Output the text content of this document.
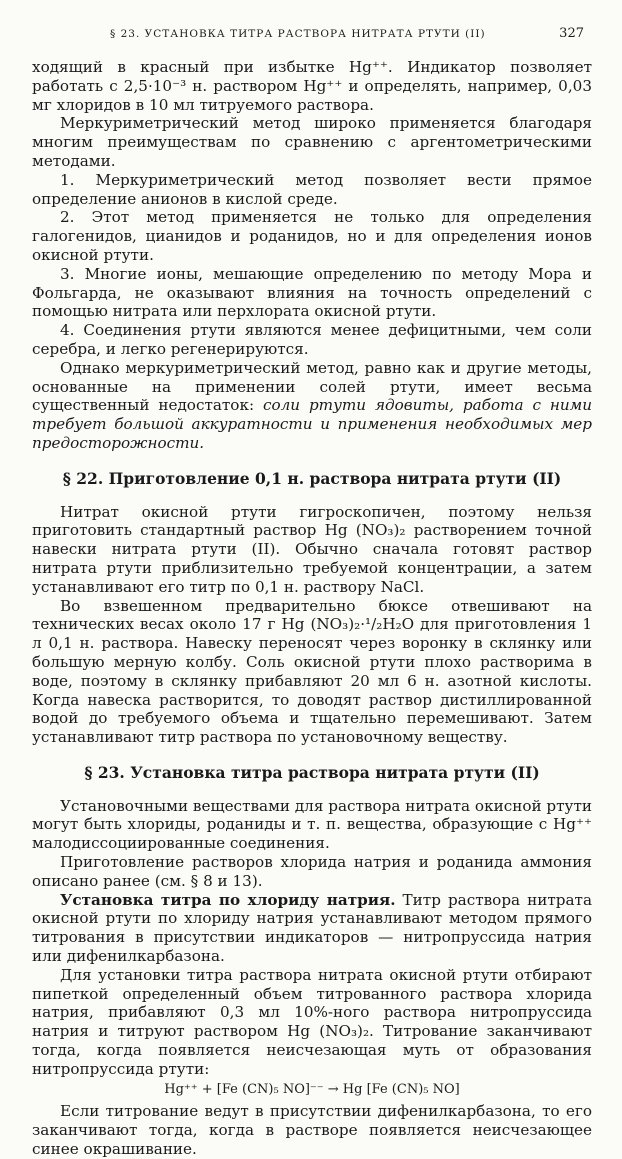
§ 23. УСТАНОВКА ТИТРА РАСТВОРА НИТРАТА РТУТИ (II)	327

ходящий в красный при избытке Hg⁺⁺. Индикатор позволяет работать с 2,5·10⁻³ н. раствором Hg⁺⁺ и определять, например, 0,03 мг хлоридов в 10 мл титруемого раствора.

Меркуриметрический метод широко применяется благодаря многим преимуществам по сравнению с аргентометрическими методами.

1. Меркуриметрический метод позволяет вести прямое определение анионов в кислой среде.

2. Этот метод применяется не только для определения галогенидов, цианидов и роданидов, но и для определения ионов окисной ртути.

3. Многие ионы, мешающие определению по методу Мора и Фольгарда, не оказывают влияния на точность определений с помощью нитрата или перхлората окисной ртути.

4. Соединения ртути являются менее дефицитными, чем соли серебра, и легко регенерируются.

Однако меркуриметрический метод, равно как и другие методы, основанные на применении солей ртути, имеет весьма существенный недостаток: соли ртути ядовиты, работа с ними требует большой аккуратности и применения необходимых мер предосторожности.

§ 22. Приготовление 0,1 н. раствора нитрата ртути (II)

Нитрат окисной ртути гигроскопичен, поэтому нельзя приготовить стандартный раствор Hg (NO₃)₂ растворением точной навески нитрата ртути (II). Обычно сначала готовят раствор нитрата ртути приблизительно требуемой концентрации, а затем устанавливают его титр по 0,1 н. раствору NaCl.

Во взвешенном предварительно бюксе отвешивают на технических весах около 17 г Hg (NO₃)₂·¹/₂H₂O для приготовления 1 л 0,1 н. раствора. Навеску переносят через воронку в склянку или большую мерную колбу. Соль окисной ртути плохо растворима в воде, поэтому в склянку прибавляют 20 мл 6 н. азотной кислоты. Когда навеска растворится, то доводят раствор дистиллированной водой до требуемого объема и тщательно перемешивают. Затем устанавливают титр раствора по установочному веществу.

§ 23. Установка титра раствора нитрата ртути (II)

Установочными веществами для раствора нитрата окисной ртути могут быть хлориды, роданиды и т. п. вещества, образующие с Hg⁺⁺ малодиссоциированные соединения.

Приготовление растворов хлорида натрия и роданида аммония описано ранее (см. § 8 и 13).

Установка титра по хлориду натрия. Титр раствора нитрата окисной ртути по хлориду натрия устанавливают методом прямого титрования в присутствии индикаторов — нитропруссида натрия или дифенилкарбазона.

Для установки титра раствора нитрата окисной ртути отбирают пипеткой определенный объем титрованного раствора хлорида натрия, прибавляют 0,3 мл 10%-ного раствора нитропруссида натрия и титруют раствором Hg (NO₃)₂. Титрование заканчивают тогда, когда появляется неисчезающая муть от образования нитропруссида ртути:

Hg⁺⁺ + [Fe (CN)₅ NO]⁻⁻ → Hg [Fe (CN)₅ NO]

Если титрование ведут в присутствии дифенилкарбазона, то его заканчивают тогда, когда в растворе появляется неисчезающее синее окрашивание.
